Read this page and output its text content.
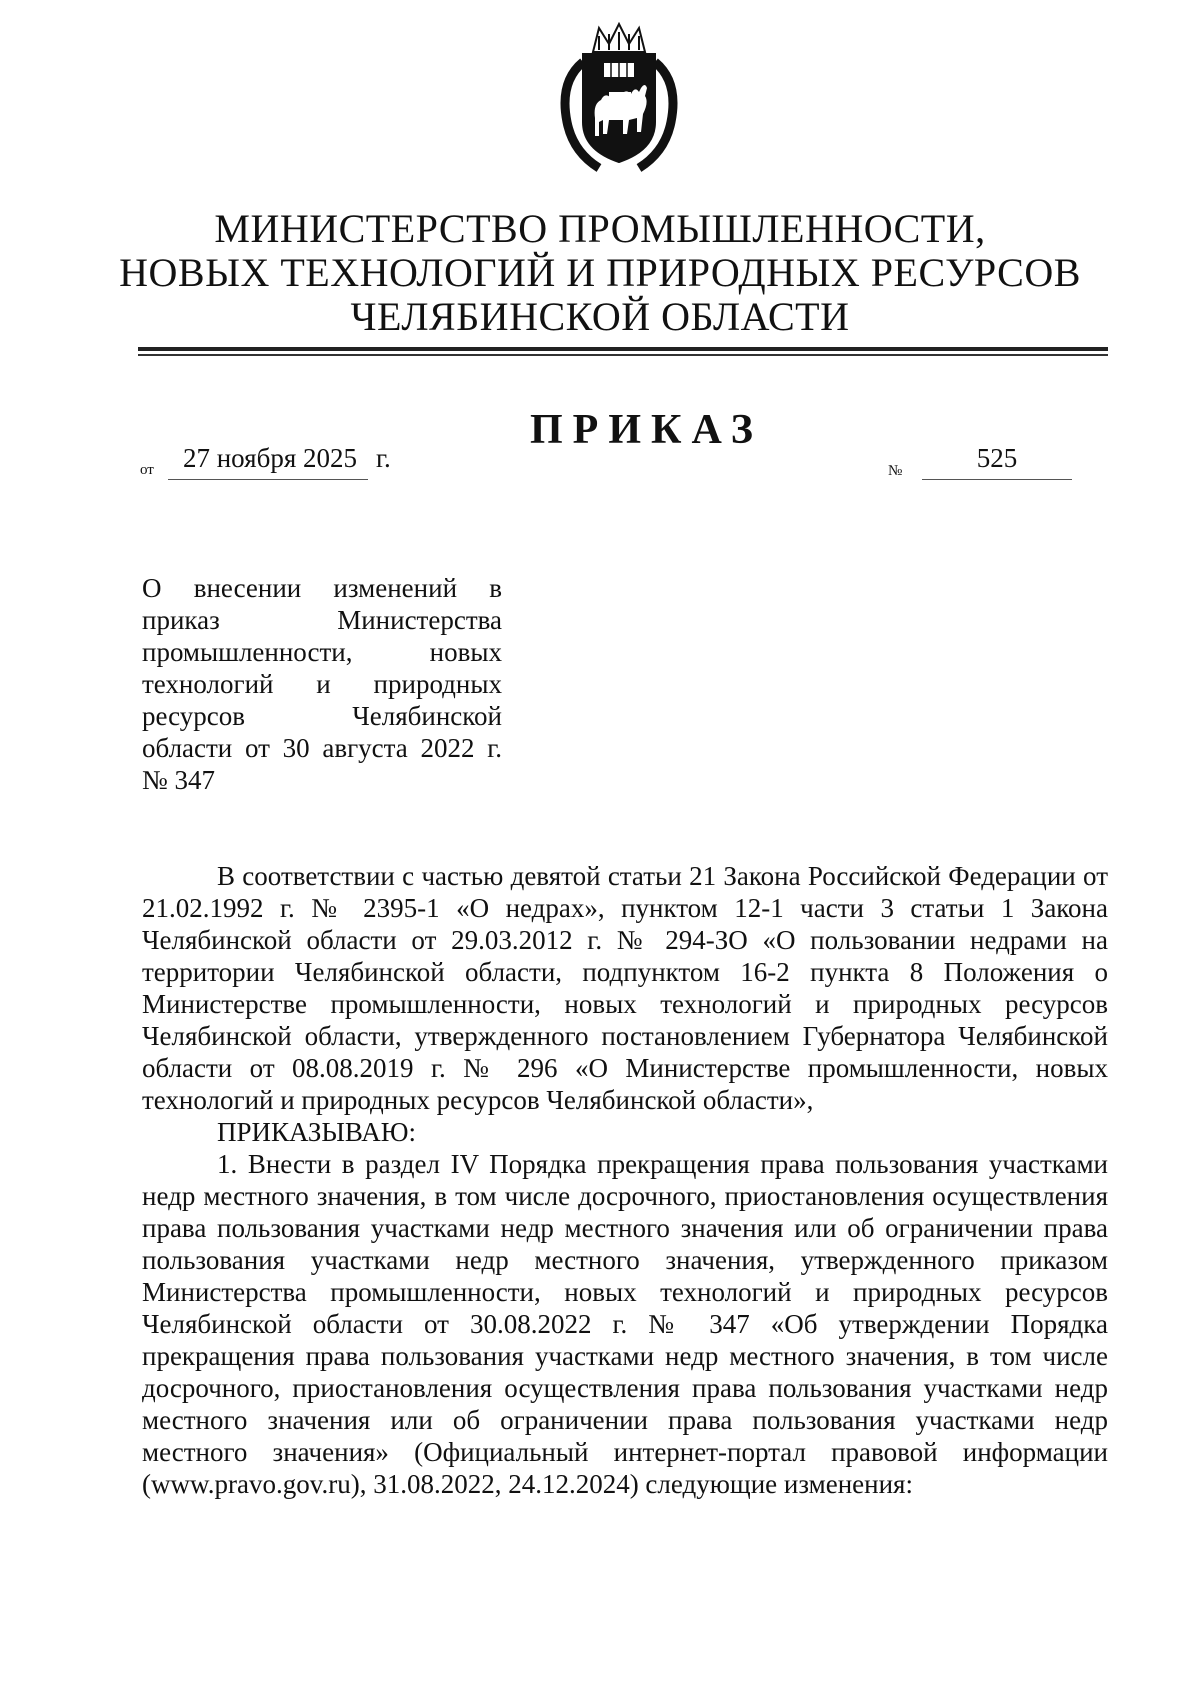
МИНИСТЕРСТВО ПРОМЫШЛЕННОСТИ,
НОВЫХ ТЕХНОЛОГИЙ И ПРИРОДНЫХ РЕСУРСОВ
ЧЕЛЯБИНСКОЙ ОБЛАСТИ
ПРИКАЗ
от	27 ноября 2025 г.	№	525
О внесении изменений в
приказ Министерства
промышленности, новых
технологий и природных
ресурсов Челябинской
области от 30 августа 2022 г.
№ 347

В соответствии с частью девятой статьи 21 Закона Российской Федерации от 21.02.1992 г. № 2395-1 «О недрах», пунктом 12-1 части 3 статьи 1 Закона Челябинской области от 29.03.2012 г. № 294-ЗО «О пользовании недрами на территории Челябинской области, подпунктом 16-2 пункта 8 Положения о Министерстве промышленности, новых технологий и природных ресурсов Челябинской области, утвержденного постановлением Губернатора Челябинской области от 08.08.2019 г. № 296 «О Министерстве промышленности, новых технологий и природных ресурсов Челябинской области»,

ПРИКАЗЫВАЮ:

1. Внести в раздел IV Порядка прекращения права пользования участками недр местного значения, в том числе досрочного, приостановления осуществления права пользования участками недр местного значения или об ограничении права пользования участками недр местного значения, утвержденного приказом Министерства промышленности, новых технологий и природных ресурсов Челябинской области от 30.08.2022 г. № 347 «Об утверждении Порядка прекращения права пользования участками недр местного значения, в том числе досрочного, приостановления осуществления права пользования участками недр местного значения или об ограничении права пользования участками недр местного значения» (Официальный интернет-портал правовой информации (www.pravo.gov.ru), 31.08.2022, 24.12.2024) следующие изменения:
